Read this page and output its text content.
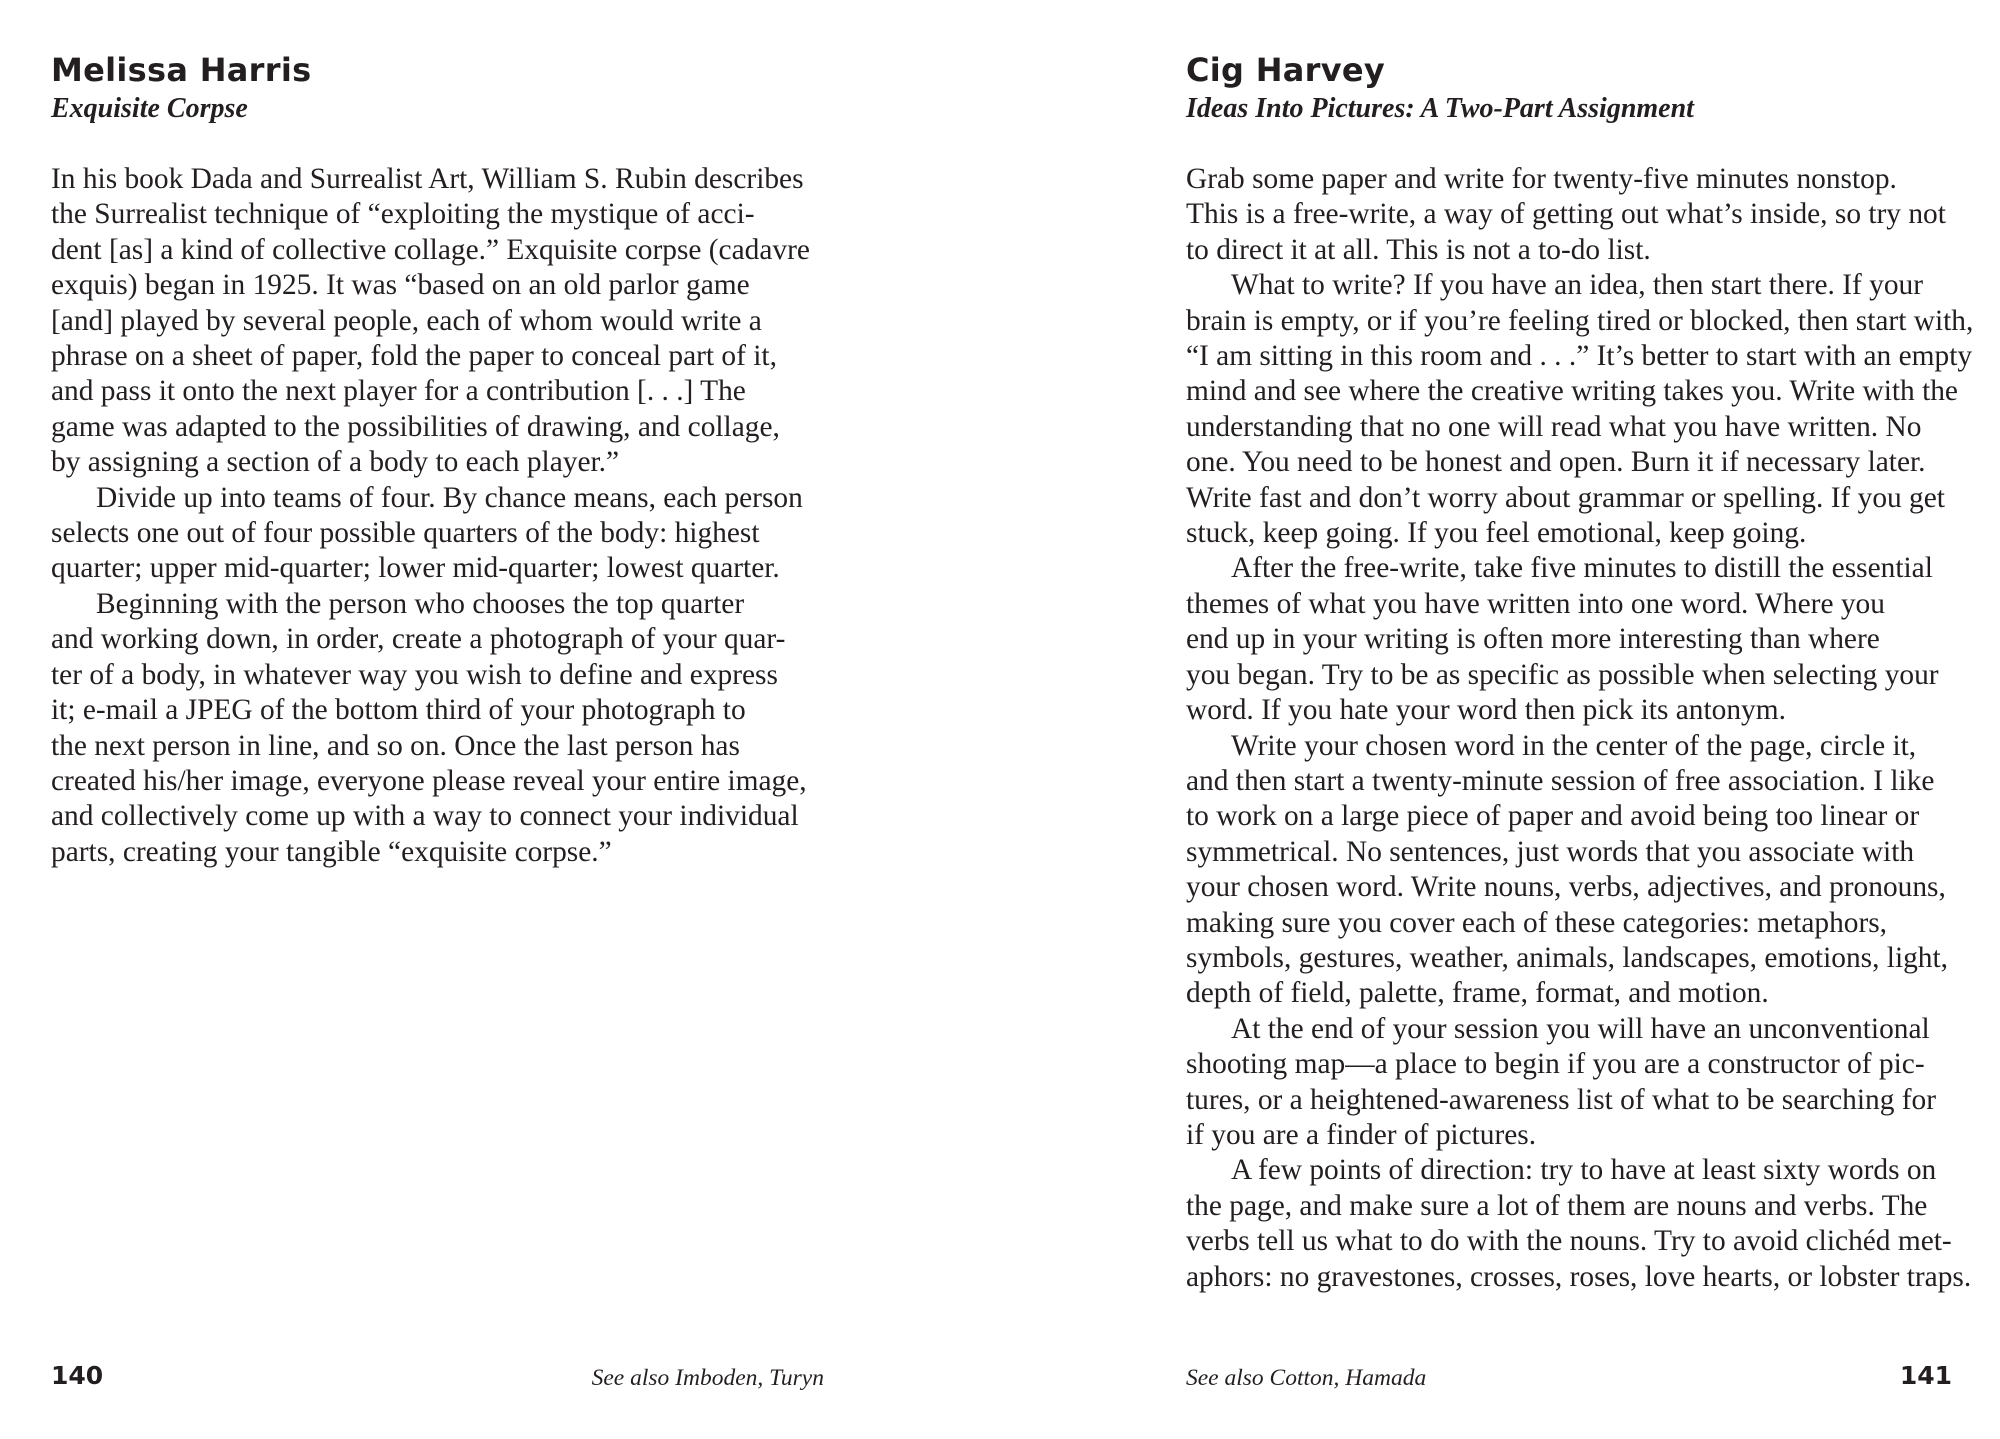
Melissa Harris
Exquisite Corpse

In his book Dada and Surrealist Art, William S. Rubin describes
the Surrealist technique of “exploiting the mystique of acci-
dent [as] a kind of collective collage.” Exquisite corpse (cadavre
exquis) began in 1925. It was “based on an old parlor game
[and] played by several people, each of whom would write a
phrase on a sheet of paper, fold the paper to conceal part of it,
and pass it onto the next player for a contribution [. . .] The
game was adapted to the possibilities of drawing, and collage,
by assigning a section of a body to each player.”

Divide up into teams of four. By chance means, each person
selects one out of four possible quarters of the body: highest
quarter; upper mid-quarter; lower mid-quarter; lowest quarter.

Beginning with the person who chooses the top quarter
and working down, in order, create a photograph of your quar-
ter of a body, in whatever way you wish to define and express
it; e-mail a JPEG of the bottom third of your photograph to
the next person in line, and so on. Once the last person has
created his/her image, everyone please reveal your entire image,
and collectively come up with a way to connect your individual
parts, creating your tangible “exquisite corpse.”

140	See also Imboden, Turyn
Cig Harvey
Ideas Into Pictures: A Two-Part Assignment

Grab some paper and write for twenty-five minutes nonstop.
This is a free-write, a way of getting out what’s inside, so try not
to direct it at all. This is not a to-do list.

What to write? If you have an idea, then start there. If your
brain is empty, or if you’re feeling tired or blocked, then start with,
“I am sitting in this room and . . .” It’s better to start with an empty
mind and see where the creative writing takes you. Write with the
understanding that no one will read what you have written. No
one. You need to be honest and open. Burn it if necessary later.
Write fast and don’t worry about grammar or spelling. If you get
stuck, keep going. If you feel emotional, keep going.

After the free-write, take five minutes to distill the essential
themes of what you have written into one word. Where you
end up in your writing is often more interesting than where
you began. Try to be as specific as possible when selecting your
word. If you hate your word then pick its antonym.

Write your chosen word in the center of the page, circle it,
and then start a twenty-minute session of free association. I like
to work on a large piece of paper and avoid being too linear or
symmetrical. No sentences, just words that you associate with
your chosen word. Write nouns, verbs, adjectives, and pronouns,
making sure you cover each of these categories: metaphors,
symbols, gestures, weather, animals, landscapes, emotions, light,
depth of field, palette, frame, format, and motion.

At the end of your session you will have an unconventional
shooting map—a place to begin if you are a constructor of pic-
tures, or a heightened-awareness list of what to be searching for
if you are a finder of pictures.

A few points of direction: try to have at least sixty words on
the page, and make sure a lot of them are nouns and verbs. The
verbs tell us what to do with the nouns. Try to avoid clichéd met-
aphors: no gravestones, crosses, roses, love hearts, or lobster traps.

See also Cotton, Hamada	141
